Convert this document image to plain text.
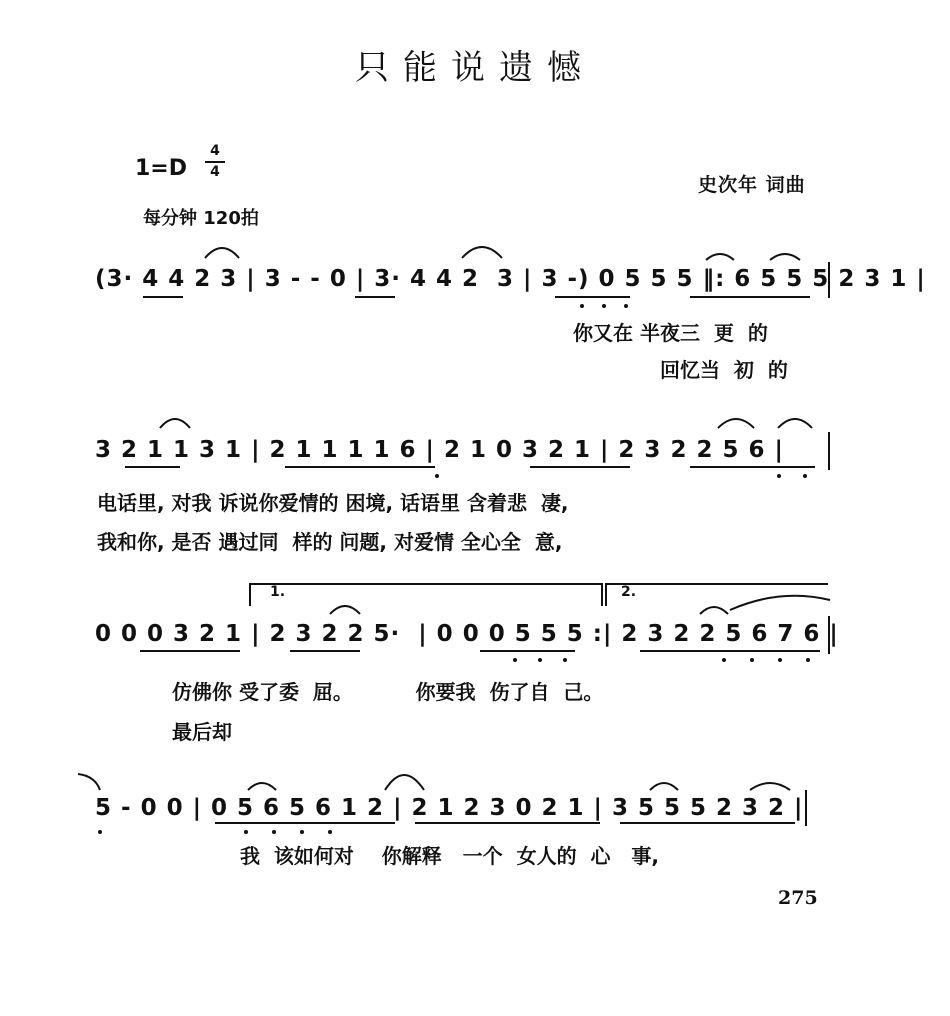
只能说遗憾
1=D
4
4
每分钟 120拍
史次年 词曲
(3· 4 4 2 3 | 3 - - 0 | 3· 4 4 2  3 | 3 -) 0 5 5 5 ‖: 6 5 5 5 2 3 1 |
你又在 半夜三  更  的
回忆当  初  的
3 2 1 1 3 1 | 2 1 1 1 1 6 | 2 1 0 3 2 1 | 2 3 2 2 5 6 |
电话里, 对我 诉说你爱情的 困境, 话语里 含着悲  凄,
我和你, 是否 遇过同  样的 问题, 对爱情 全心全  意,
1.	2.
0 0 0 3 2 1 | 2 3 2 2 5·  | 0 0 0 5 5 5 :| 2 3 2 2 5 6 7 6 |
仿佛你 受了委  屈。         你要我  伤了自  己。
最后却
5 - 0 0 | 0 5 6 5 6 1 2 | 2 1 2 3 0 2 1 | 3 5 5 5 2 3 2 |
我  该如何对    你解释   一个  女人的  心   事,
275
